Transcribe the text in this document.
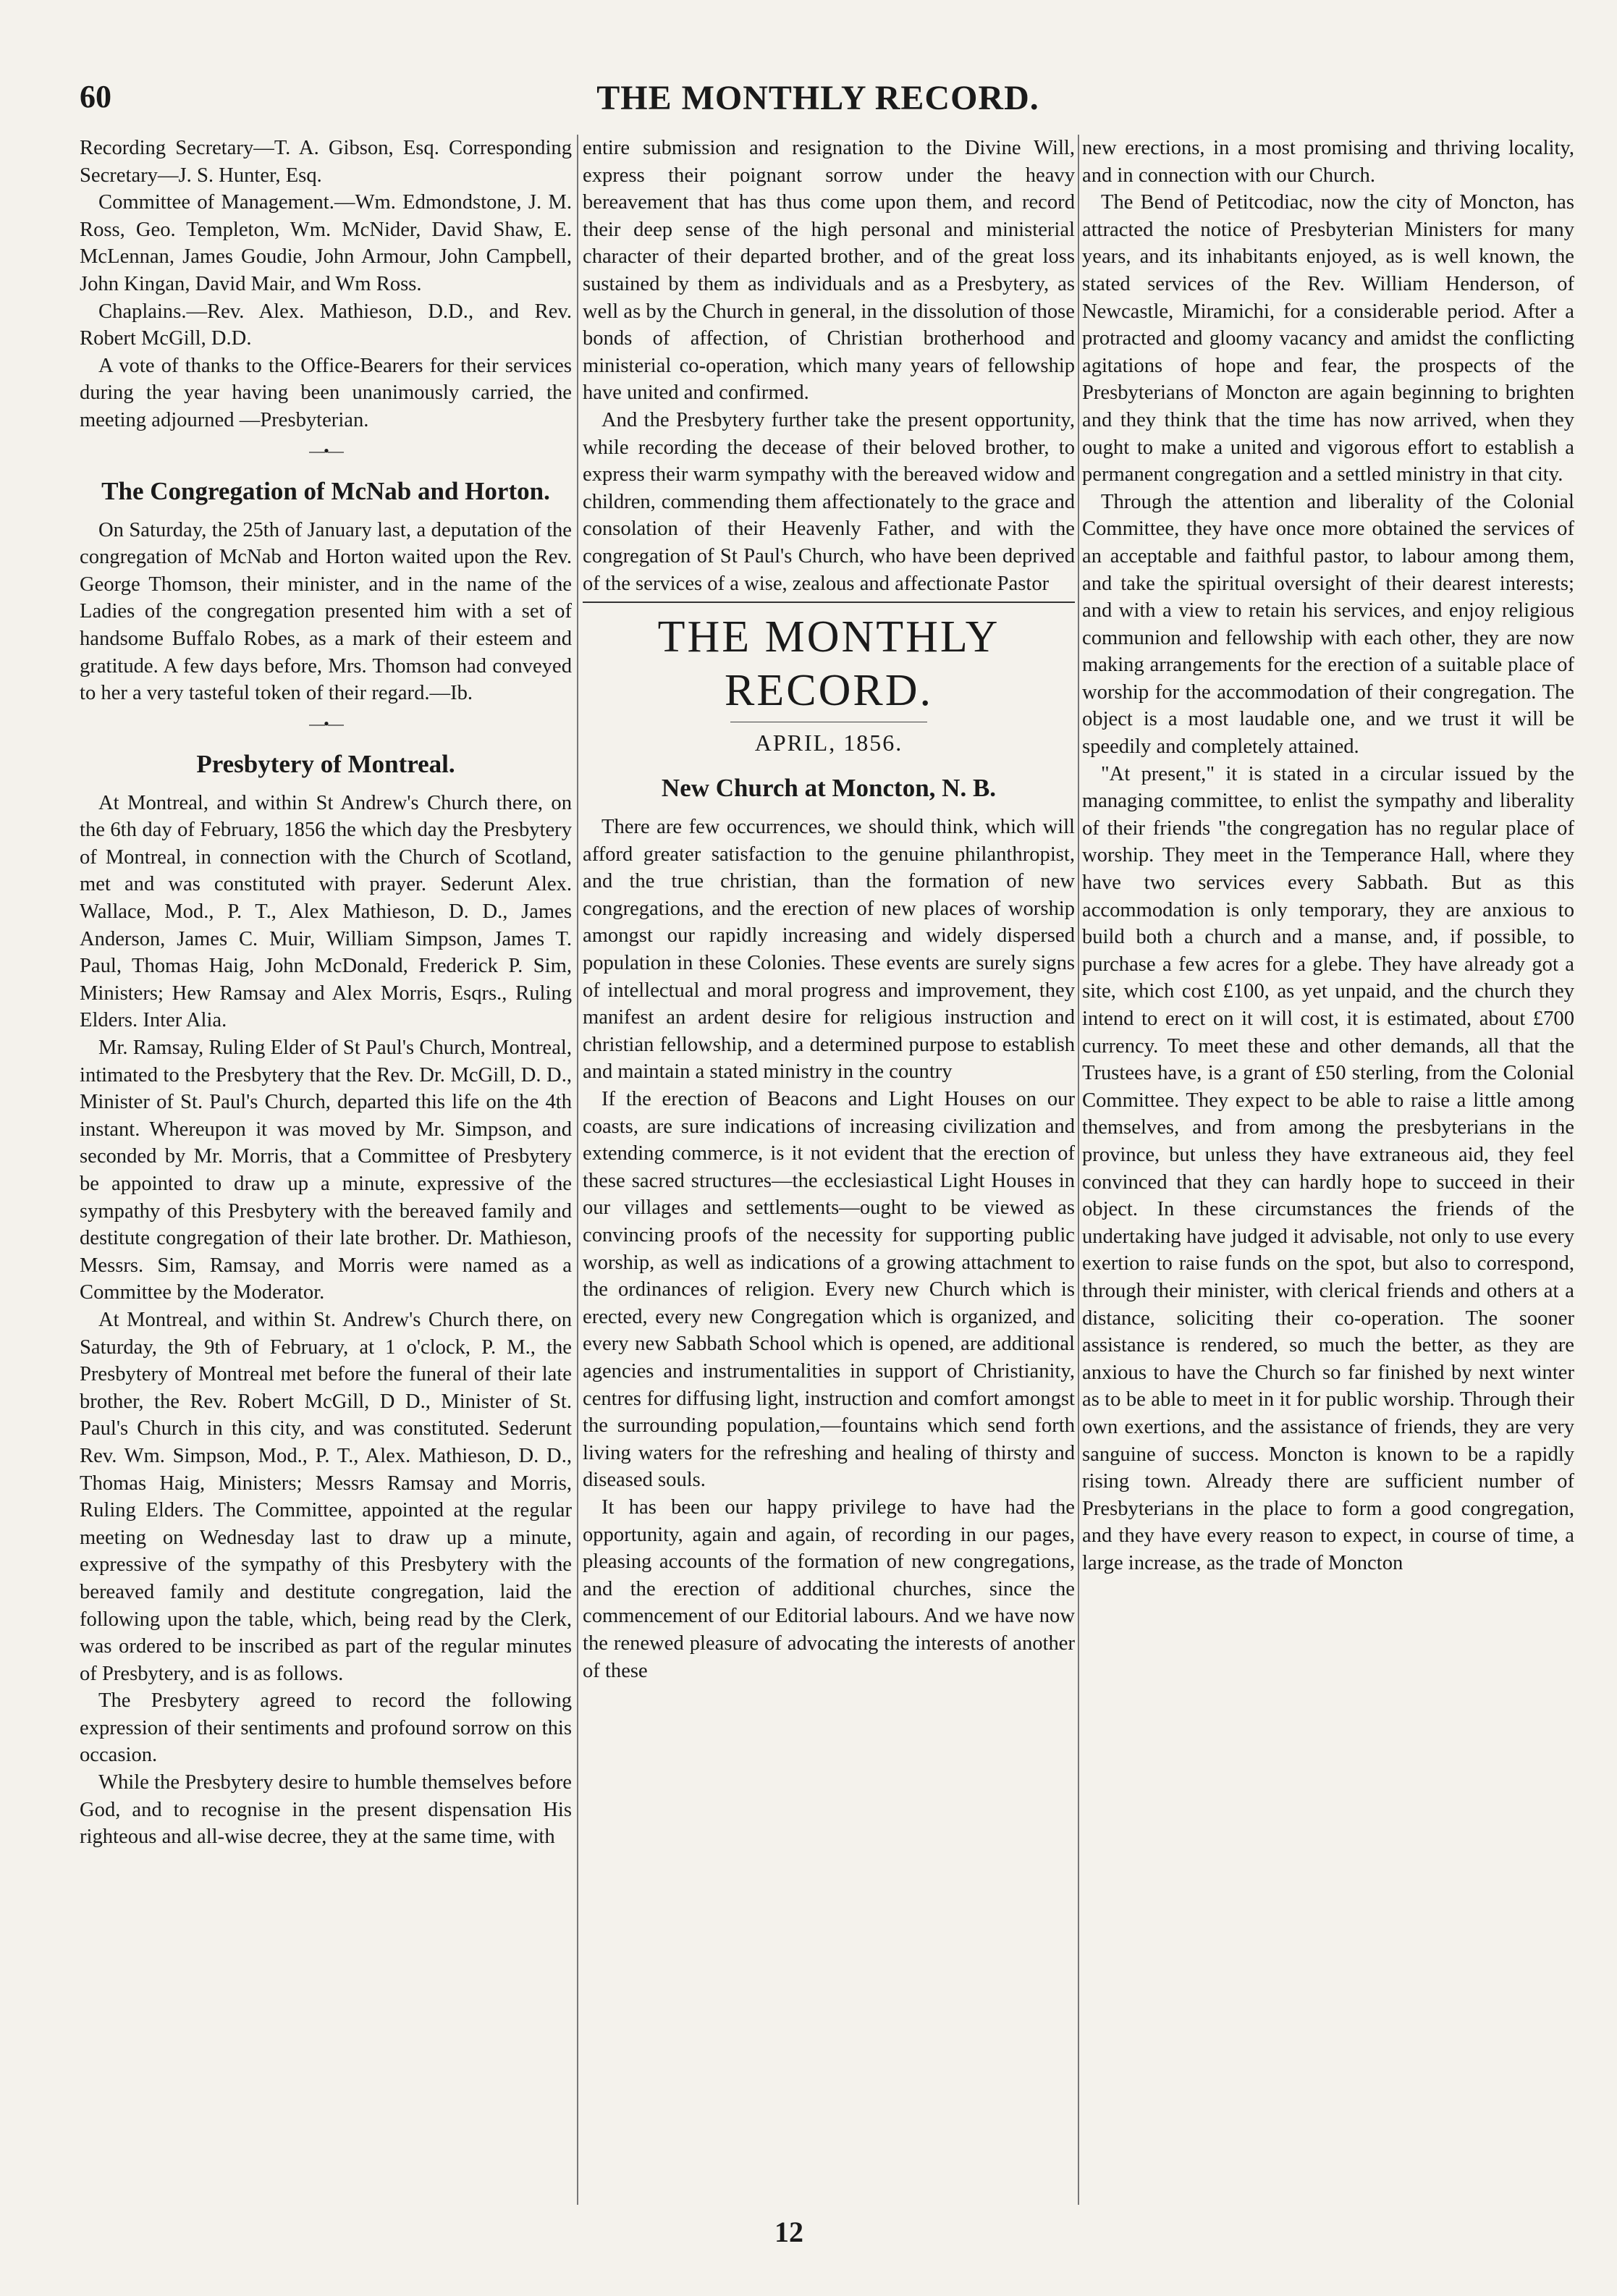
60	THE MONTHLY RECORD.

Recording Secretary—T. A. Gibson, Esq. Corresponding Secretary—J. S. Hunter, Esq.

Committee of Management.—Wm. Edmondstone, J. M. Ross, Geo. Templeton, Wm. McNider, David Shaw, E. McLennan, James Goudie, John Armour, John Campbell, John Kingan, David Mair, and Wm Ross.

Chaplains.—Rev. Alex. Mathieson, D.D., and Rev. Robert McGill, D.D.

A vote of thanks to the Office-Bearers for their services during the year having been unanimously carried, the meeting adjourned —Presbyterian.

—•—
The Congregation of McNab and Horton.

On Saturday, the 25th of January last, a deputation of the congregation of McNab and Horton waited upon the Rev. George Thomson, their minister, and in the name of the Ladies of the congregation presented him with a set of handsome Buffalo Robes, as a mark of their esteem and gratitude. A few days before, Mrs. Thomson had conveyed to her a very tasteful token of their regard.—Ib.

—•—
Presbytery of Montreal.

At Montreal, and within St Andrew's Church there, on the 6th day of February, 1856 the which day the Presbytery of Montreal, in connection with the Church of Scotland, met and was constituted with prayer. Sederunt Alex. Wallace, Mod., P. T., Alex Mathieson, D. D., James Anderson, James C. Muir, William Simpson, James T. Paul, Thomas Haig, John McDonald, Frederick P. Sim, Ministers; Hew Ramsay and Alex Morris, Esqrs., Ruling Elders. Inter Alia.

Mr. Ramsay, Ruling Elder of St Paul's Church, Montreal, intimated to the Presbytery that the Rev. Dr. McGill, D. D., Minister of St. Paul's Church, departed this life on the 4th instant. Whereupon it was moved by Mr. Simpson, and seconded by Mr. Morris, that a Committee of Presbytery be appointed to draw up a minute, expressive of the sympathy of this Presbytery with the bereaved family and destitute congregation of their late brother. Dr. Mathieson, Messrs. Sim, Ramsay, and Morris were named as a Committee by the Moderator.

At Montreal, and within St. Andrew's Church there, on Saturday, the 9th of February, at 1 o'clock, P. M., the Presbytery of Montreal met before the funeral of their late brother, the Rev. Robert McGill, D D., Minister of St. Paul's Church in this city, and was constituted. Sederunt Rev. Wm. Simpson, Mod., P. T., Alex. Mathieson, D. D., Thomas Haig, Ministers; Messrs Ramsay and Morris, Ruling Elders. The Committee, appointed at the regular meeting on Wednesday last to draw up a minute, expressive of the sympathy of this Presbytery with the bereaved family and destitute congregation, laid the following upon the table, which, being read by the Clerk, was ordered to be inscribed as part of the regular minutes of Presbytery, and is as follows.

The Presbytery agreed to record the following expression of their sentiments and profound sorrow on this occasion.

While the Presbytery desire to humble themselves before God, and to recognise in the present dispensation His righteous and all-wise decree, they at the same time, with

entire submission and resignation to the Divine Will, express their poignant sorrow under the heavy bereavement that has thus come upon them, and record their deep sense of the high personal and ministerial character of their departed brother, and of the great loss sustained by them as individuals and as a Presbytery, as well as by the Church in general, in the dissolution of those bonds of affection, of Christian brotherhood and ministerial co-operation, which many years of fellowship have united and confirmed.

And the Presbytery further take the present opportunity, while recording the decease of their beloved brother, to express their warm sympathy with the bereaved widow and children, commending them affectionately to the grace and consolation of their Heavenly Father, and with the congregation of St Paul's Church, who have been deprived of the services of a wise, zealous and affectionate Pastor

THE MONTHLY RECORD.
APRIL, 1856.
New Church at Moncton, N. B.

There are few occurrences, we should think, which will afford greater satisfaction to the genuine philanthropist, and the true christian, than the formation of new congregations, and the erection of new places of worship amongst our rapidly increasing and widely dispersed population in these Colonies. These events are surely signs of intellectual and moral progress and improvement, they manifest an ardent desire for religious instruction and christian fellowship, and a determined purpose to establish and maintain a stated ministry in the country

If the erection of Beacons and Light Houses on our coasts, are sure indications of increasing civilization and extending commerce, is it not evident that the erection of these sacred structures—the ecclesiastical Light Houses in our villages and settlements—ought to be viewed as convincing proofs of the necessity for supporting public worship, as well as indications of a growing attachment to the ordinances of religion. Every new Church which is erected, every new Congregation which is organized, and every new Sabbath School which is opened, are additional agencies and instrumentalities in support of Christianity, centres for diffusing light, instruction and comfort amongst the surrounding population,—fountains which send forth living waters for the refreshing and healing of thirsty and diseased souls.

It has been our happy privilege to have had the opportunity, again and again, of recording in our pages, pleasing accounts of the formation of new congregations, and the erection of additional churches, since the commencement of our Editorial labours. And we have now the renewed pleasure of advocating the interests of another of these

new erections, in a most promising and thriving locality, and in connection with our Church.

The Bend of Petitcodiac, now the city of Moncton, has attracted the notice of Presbyterian Ministers for many years, and its inhabitants enjoyed, as is well known, the stated services of the Rev. William Henderson, of Newcastle, Miramichi, for a considerable period. After a protracted and gloomy vacancy and amidst the conflicting agitations of hope and fear, the prospects of the Presbyterians of Moncton are again beginning to brighten and they think that the time has now arrived, when they ought to make a united and vigorous effort to establish a permanent congregation and a settled ministry in that city.

Through the attention and liberality of the Colonial Committee, they have once more obtained the services of an acceptable and faithful pastor, to labour among them, and take the spiritual oversight of their dearest interests; and with a view to retain his services, and enjoy religious communion and fellowship with each other, they are now making arrangements for the erection of a suitable place of worship for the accommodation of their congregation. The object is a most laudable one, and we trust it will be speedily and completely attained.

"At present," it is stated in a circular issued by the managing committee, to enlist the sympathy and liberality of their friends "the congregation has no regular place of worship. They meet in the Temperance Hall, where they have two services every Sabbath. But as this accommodation is only temporary, they are anxious to build both a church and a manse, and, if possible, to purchase a few acres for a glebe. They have already got a site, which cost £100, as yet unpaid, and the church they intend to erect on it will cost, it is estimated, about £700 currency. To meet these and other demands, all that the Trustees have, is a grant of £50 sterling, from the Colonial Committee. They expect to be able to raise a little among themselves, and from among the presbyterians in the province, but unless they have extraneous aid, they feel convinced that they can hardly hope to succeed in their object. In these circumstances the friends of the undertaking have judged it advisable, not only to use every exertion to raise funds on the spot, but also to correspond, through their minister, with clerical friends and others at a distance, soliciting their co-operation. The sooner assistance is rendered, so much the better, as they are anxious to have the Church so far finished by next winter as to be able to meet in it for public worship. Through their own exertions, and the assistance of friends, they are very sanguine of success. Moncton is known to be a rapidly rising town. Already there are sufficient number of Presbyterians in the place to form a good congregation, and they have every reason to expect, in course of time, a large increase, as the trade of Moncton

12
